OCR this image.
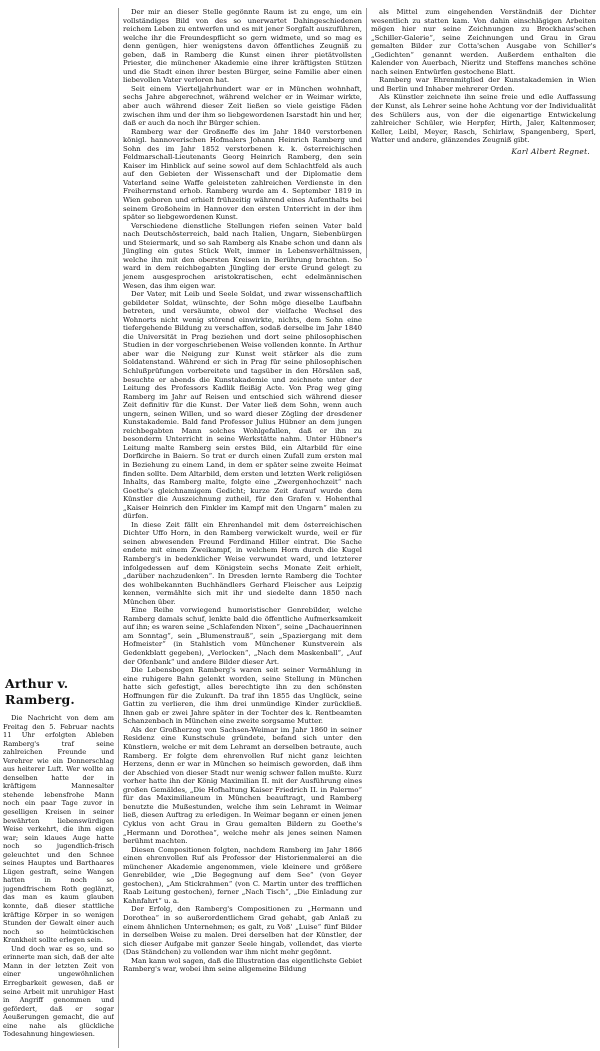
Arthur v. Ramberg.

Die Nachricht von dem am Freitag den 5. Februar nachts 11 Uhr erfolgten Ableben Ramberg's traf seine zahlreichen Freunde und Verehrer wie ein Donnerschlag aus heiterer Luft. Wer wollte an denselben hatte der in kräftigem Mannesalter stehende lebensfrohe Mann noch ein paar Tage zuvor in geselligen Kreisen in seiner bewährten liebenswürdigen Weise verkehrt, die ihm eigen war; sein klaues Auge hatte noch so jugendlich-frisch geleuchtet und den Schnee seines Hauptes und Barthaares Lügen gestraft, seine Wangen hatten in noch so jugendfrischem Roth geglänzt, das man es kaum glauben konnte, daß dieser stattliche kräftige Körper in so wenigen Stunden der Gewalt einer auch noch so heimtückischen Krankheit sollte erlegen sein.

Und doch war es so, und so erinnerte man sich, daß der alte Mann in der letzten Zeit von einer ungewöhnlichen Erregbarkeit gewesen, daß er seine Arbeit mit unruhiger Hast in Angriff genommen und gefördert, daß er sogar Aeußerungen gemacht, die auf eine nahe als glückliche Todesahnung hingewiesen.

Der mir an dieser Stelle gegönnte Raum ist zu enge, um ein vollständiges Bild von des so unerwartet Dahingeschiedenen reichem Leben zu entwerfen und es mit jener Sorgfalt auszuführen, welche ihr die Freundespflicht so gern widmete, und so mag es denn genügen, hier wenigstens davon öffentliches Zeugniß zu geben, daß in Ramberg die Kunst einen ihrer pietätvollsten Priester, die münchener Akademie eine ihrer kräftigsten Stützen und die Stadt einen ihrer besten Bürger, seine Familie aber einen liebevollen Vater verloren hat.

Seit einem Vierteljahrhundert war er in München wohnhaft, sechs Jahre abgerechnet, während welcher er in Weimar wirkte, aber auch während dieser Zeit ließen so viele geistige Fäden zwischen ihm und der ihm so liebgewordenen Isarstadt hin und her, daß er auch da noch ihr Bürger schien.

Ramberg war der Großneffe des im Jahr 1840 verstorbenen königl. hannoverischen Hofmalers Johann Heinrich Ramberg und Sohn des im Jahr 1852 verstorbenen k. k. österreichischen Feldmarschall-Lieutenants Georg Heinrich Ramberg, den sein Kaiser im Hinblick auf seine sowol auf dem Schlachtfeld als auch auf den Gebieten der Wissenschaft und der Diplomatie dem Vaterland seine Waffe geleisteten zahlreichen Verdienste in den Freiherrnstand erhob. Ramberg wurde am 4. September 1819 in Wien geboren und erhielt frühzeitig während eines Aufenthalts bei seinem Großoheim in Hannover den ersten Unterricht in der ihm später so liebgewordenen Kunst.

Verschiedene dienstliche Stellungen riefen seinen Vater bald nach Deutschösterreich, bald nach Italien, Ungarn, Siebenbürgen und Steiermark, und so sah Ramberg als Knabe schon und dann als Jüngling ein gutes Stück Welt, immer in Lebensverhältnissen, welche ihn mit den obersten Kreisen in Berührung brachten. So ward in dem reichbegabten Jüngling der erste Grund gelegt zu jenem ausgesprochen aristokratischen, echt edelmännischen Wesen, das ihm eigen war.

Der Vater, mit Leib und Seele Soldat, und zwar wissenschaftlich gebildeter Soldat, wünschte, der Sohn möge dieselbe Laufbahn betreten, und versäumte, obwol der vielfache Wechsel des Wohnorts nicht wenig störend einwirkte, nichts, dem Sohn eine tiefergehende Bildung zu verschaffen, sodaß derselbe im Jahr 1840 die Universität in Prag beziehen und dort seine philosophischen Studien in der vorgeschriebenen Weise vollenden konnte. In Arthur aber war die Neigung zur Kunst weit stärker als die zum Soldatenstand. Während er sich in Prag für seine philosophischen Schlußprüfungen vorbereitete und tagsüber in den Hörsälen saß, besuchte er abends die Kunstakademie und zeichnete unter der Leitung des Professors Kadlik fleißig Acte. Von Prag weg ging Ramberg im Jahr auf Reisen und entschied sich während dieser Zeit definitiv für die Kunst. Der Vater ließ dem Sohn, wenn auch ungern, seinen Willen, und so ward dieser Zögling der dresdener Kunstakademie. Bald fand Professor Julius Hübner an dem jungen reichbegabten Mann solches Wohlgefallen, daß er ihn zu besonderm Unterricht in seine Werkstätte nahm. Unter Hübner's Leitung malte Ramberg sein erstes Bild, ein Altarbild für eine Dorfkirche in Baiern. So trat er durch einen Zufall zum ersten mal in Beziehung zu einem Land, in dem er später seine zweite Heimat finden sollte. Dem Altarbild, dem ersten und letzten Werk religiösen Inhalts, das Ramberg malte, folgte eine „Zwergenhochzeit“ nach Goethe's gleichnamigem Gedicht; kurze Zeit darauf wurde dem Künstler die Auszeichnung zutheil, für den Grafen v. Hohenthal „Kaiser Heinrich den Finkler im Kampf mit den Ungarn“ malen zu dürfen.

In diese Zeit fällt ein Ehrenhandel mit dem österreichischen Dichter Uffo Horn, in den Ramberg verwickelt wurde, weil er für seinen abwesenden Freund Ferdinand Hiller eintrat. Die Sache endete mit einem Zweikampf, in welchem Horn durch die Kugel Ramberg's in bedenklicher Weise verwundet ward, und letzterer infolgedessen auf dem Königstein sechs Monate Zeit erhielt, „darüber nachzudenken“. In Dresden lernte Ramberg die Tochter des wohlbekannten Buchhändlers Gerhard Fleischer aus Leipzig kennen, vermählte sich mit ihr und siedelte dann 1850 nach München über.

Eine Reihe vorwiegend humoristischer Genrebilder, welche Ramberg damals schuf, lenkte bald die öffentliche Aufmerksamkeit auf ihn; es waren seine „Schlafenden Nixen“, seine „Dachauerinnen am Sonntag“, sein „Blumenstrauß“, sein „Spaziergang mit dem Hofmeister“ (in Stahlstich vom Münchener Kunstverein als Gedenkblatt gegeben), „Verlocken“, „Nach dem Maskenball“, „Auf der Ofenbank“ und andere Bilder dieser Art.

Die Lebensbogen Ramberg's waren seit seiner Vermählung in eine ruhigere Bahn gelenkt worden, seine Stellung in München hatte sich gefestigt, alles berechtigte ihn zu den schönsten Hoffnungen für die Zukunft. Da traf ihn 1855 das Unglück, seine Gattin zu verlieren, die ihm drei unmündige Kinder zurückließ. Ihnen gab er zwei Jahre später in der Tochter des k. Rentbeamten Schanzenbach in München eine zweite sorgsame Mutter.

Als der Großherzog von Sachsen-Weimar im Jahr 1860 in seiner Residenz eine Kunstschule gründete, befand sich unter den Künstlern, welche er mit dem Lehramt an derselben betraute, auch Ramberg. Er folgte dem ehrenvollen Ruf nicht ganz leichten Herzens, denn er war in München so heimisch geworden, daß ihm der Abschied von dieser Stadt nur wenig schwer fallen mußte. Kurz vorher hatte ihn der König Maximilian II. mit der Ausführung eines großen Gemäldes, „Die Hofhaltung Kaiser Friedrich II. in Palermo“ für das Maximilianeum in München beauftragt, und Ramberg benutzte die Mußestunden, welche ihm sein Lehramt in Weimar ließ, diesen Auftrag zu erledigen. In Weimar begann er einen jenen Cyklus von acht Grau in Grau gemalten Bildern zu Goethe's „Hermann und Dorothea“, welche mehr als jenes seinen Namen berühmt machten.

Diesen Compositionen folgten, nachdem Ramberg im Jahr 1866 einen ehrenvollen Ruf als Professor der Historienmalerei an die münchener Akademie angenommen, viele kleinere und größere Genrebilder, wie „Die Begegnung auf dem See“ (von Geyer gestochen), „Am Stickrahmen“ (von C. Martin unter des trefflichen Raab Leitung gestochen), ferner „Nach Tisch“, „Die Einladung zur Kahnfahrt“ u. a.

Der Erfolg, den Ramberg's Compositionen zu „Hermann und Dorothea“ in so außerordentlichem Grad gehabt, gab Anlaß zu einem ähnlichen Unternehmen; es galt, zu Voß' „Luise“ fünf Bilder in derselben Weise zu malen. Drei derselben hat der Künstler, der sich dieser Aufgabe mit ganzer Seele hingab, vollendet, das vierte (Das Ständchen) zu vollenden war ihm nicht mehr gegönnt.

Man kann wol sagen, daß die Illustration das eigentlichste Gebiet Ramberg's war, wobei ihm seine allgemeine Bildung

als Mittel zum eingehenden Verständniß der Dichter wesentlich zu statten kam. Von dahin einschlägigen Arbeiten mögen hier nur seine Zeichnungen zu Brockhaus'schen „Schiller-Galerie“, seine Zeichnungen und Grau in Grau gemalten Bilder zur Cotta'schen Ausgabe von Schiller's „Gedichten“ genannt werden. Außerdem enthalten die Kalender von Auerbach, Nieritz und Steffens manches schöne nach seinen Entwürfen gestochene Blatt.

Ramberg war Ehrenmitglied der Kunstakademien in Wien und Berlin und Inhaber mehrerer Orden.

Als Künstler zeichnete ihn seine freie und edle Auffassung der Kunst, als Lehrer seine hohe Achtung vor der Individualität des Schülers aus, von der die eigenartige Entwickelung zahlreicher Schüler, wie Herpfer, Hirth, Jaler, Kaltenmoser, Keller, Leibl, Meyer, Rasch, Schirlaw, Spangenberg, Sperl, Watter und andere, glänzendes Zeugniß gibt.

Karl Albert Regnet.
